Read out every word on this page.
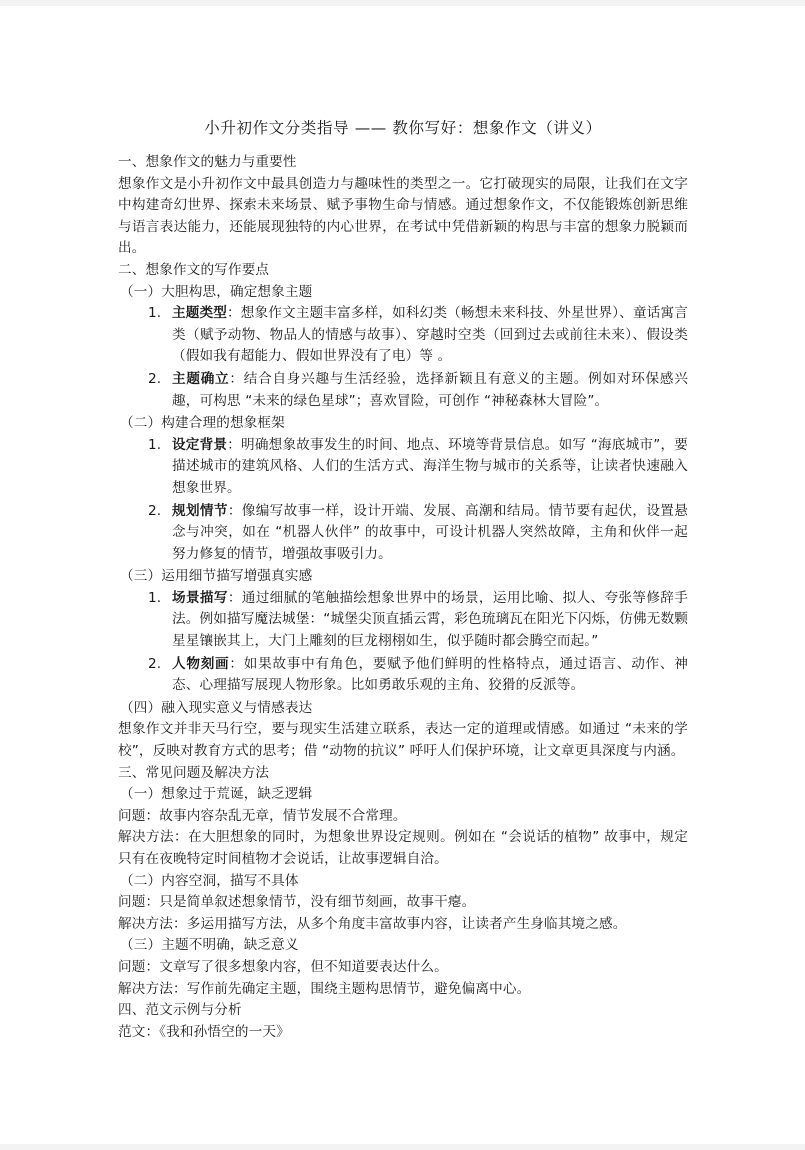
小升初作文分类指导 —— 教你写好：想象作文（讲义）
一、想象作文的魅力与重要性

想象作文是小升初作文中最具创造力与趣味性的类型之一。它打破现实的局限，让我们在文字中构建奇幻世界、探索未来场景、赋予事物生命与情感。通过想象作文，不仅能锻炼创新思维与语言表达能力，还能展现独特的内心世界，在考试中凭借新颖的构思与丰富的想象力脱颖而出。

二、想象作文的写作要点
（一）大胆构思，确定想象主题
1. 主题类型：想象作文主题丰富多样，如科幻类（畅想未来科技、外星世界）、童话寓言类（赋予动物、物品人的情感与故事）、穿越时空类（回到过去或前往未来）、假设类（假如我有超能力、假如世界没有了电）等 。
2. 主题确立：结合自身兴趣与生活经验，选择新颖且有意义的主题。例如对环保感兴趣，可构思 “未来的绿色星球”；喜欢冒险，可创作 “神秘森林大冒险”。
（二）构建合理的想象框架
1. 设定背景：明确想象故事发生的时间、地点、环境等背景信息。如写 “海底城市”，要描述城市的建筑风格、人们的生活方式、海洋生物与城市的关系等，让读者快速融入想象世界。
2. 规划情节：像编写故事一样，设计开端、发展、高潮和结局。情节要有起伏，设置悬念与冲突，如在 “机器人伙伴” 的故事中，可设计机器人突然故障，主角和伙伴一起努力修复的情节，增强故事吸引力。
（三）运用细节描写增强真实感
1. 场景描写：通过细腻的笔触描绘想象世界中的场景，运用比喻、拟人、夸张等修辞手法。例如描写魔法城堡：“城堡尖顶直插云霄，彩色琉璃瓦在阳光下闪烁，仿佛无数颗星星镶嵌其上，大门上雕刻的巨龙栩栩如生，似乎随时都会腾空而起。”
2. 人物刻画：如果故事中有角色，要赋予他们鲜明的性格特点，通过语言、动作、神态、心理描写展现人物形象。比如勇敢乐观的主角、狡猾的反派等。
（四）融入现实意义与情感表达

想象作文并非天马行空，要与现实生活建立联系，表达一定的道理或情感。如通过 “未来的学校”，反映对教育方式的思考；借 “动物的抗议” 呼吁人们保护环境，让文章更具深度与内涵。

三、常见问题及解决方法
（一）想象过于荒诞，缺乏逻辑

问题：故事内容杂乱无章，情节发展不合常理。

解决方法：在大胆想象的同时，为想象世界设定规则。例如在 “会说话的植物” 故事中，规定只有在夜晚特定时间植物才会说话，让故事逻辑自洽。

（二）内容空洞，描写不具体

问题：只是简单叙述想象情节，没有细节刻画，故事干瘪。

解决方法：多运用描写方法，从多个角度丰富故事内容，让读者产生身临其境之感。

（三）主题不明确，缺乏意义

问题：文章写了很多想象内容，但不知道要表达什么。

解决方法：写作前先确定主题，围绕主题构思情节，避免偏离中心。

四、范文示例与分析

范文：《我和孙悟空的一天》
